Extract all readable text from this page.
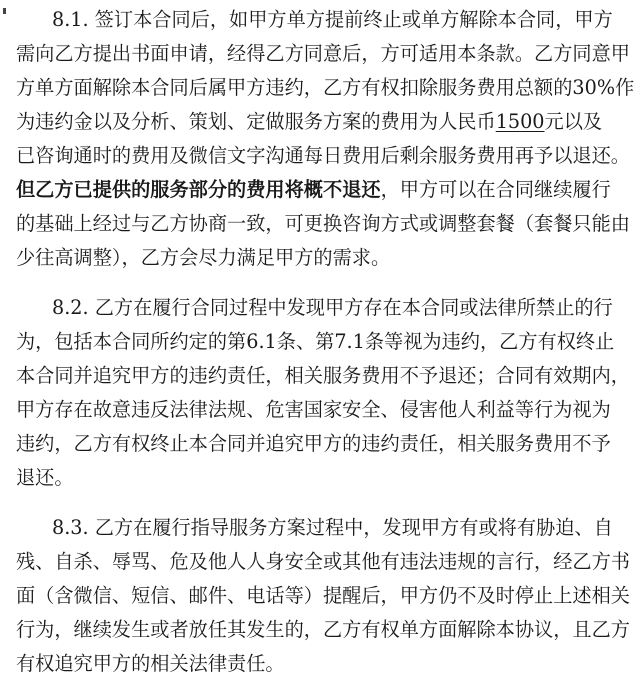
8.1. 签订本合同后，如甲方单方提前终止或单方解除本合同，甲方
需向乙方提出书面申请，经得乙方同意后，方可适用本条款。乙方同意甲
方单方面解除本合同后属甲方违约，乙方有权扣除服务费用总额的30%作
为违约金以及分析、策划、定做服务方案的费用为人民币1500元以及
已咨询通时的费用及微信文字沟通每日费用后剩余服务费用再予以退还。
但乙方已提供的服务部分的费用将概不退还，甲方可以在合同继续履行
的基础上经过与乙方协商一致，可更换咨询方式或调整套餐（套餐只能由
少往高调整），乙方会尽力满足甲方的需求。
8.2. 乙方在履行合同过程中发现甲方存在本合同或法律所禁止的行
为，包括本合同所约定的第6.1条、第7.1条等视为违约，乙方有权终止
本合同并追究甲方的违约责任，相关服务费用不予退还；合同有效期内，
甲方存在故意违反法律法规、危害国家安全、侵害他人利益等行为视为
违约，乙方有权终止本合同并追究甲方的违约责任，相关服务费用不予
退还。
8.3. 乙方在履行指导服务方案过程中，发现甲方有或将有胁迫、自
残、自杀、辱骂、危及他人人身安全或其他有违法违规的言行，经乙方书
面（含微信、短信、邮件、电话等）提醒后，甲方仍不及时停止上述相关
行为，继续发生或者放任其发生的，乙方有权单方面解除本协议，且乙方
有权追究甲方的相关法律责任。
